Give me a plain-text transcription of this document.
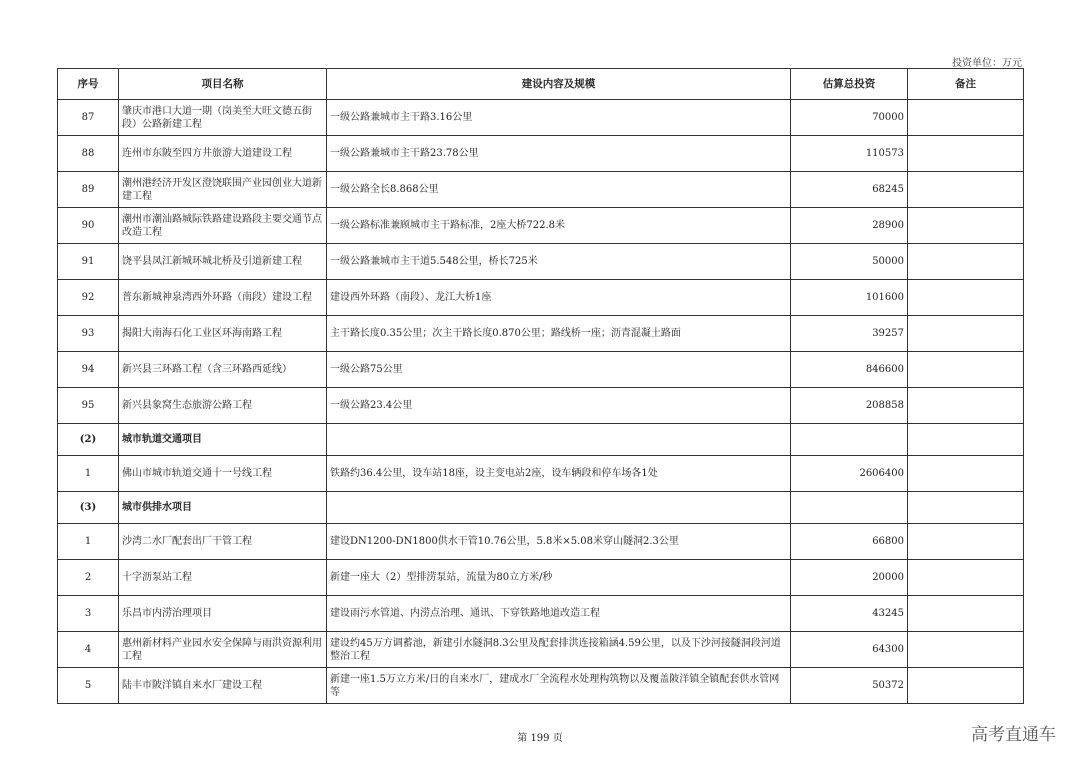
投资单位：万元
序号	项目名称	建设内容及规模	估算总投资	备注
87	肇庆市港口大道一期（岗美至大旺文德五街段）公路新建工程	一级公路兼城市主干路3.16公里	70000	
88	连州市东陂至四方井旅游大道建设工程	一级公路兼城市主干路23.78公里	110573	
89	潮州港经济开发区澄饶联围产业园创业大道新建工程	一级公路全长8.868公里	68245	
90	潮州市潮汕路城际铁路建设路段主要交通节点改造工程	一级公路标准兼顾城市主干路标准，2座大桥722.8米	28900	
91	饶平县凤江新城环城北桥及引道新建工程	一级公路兼城市主干道5.548公里，桥长725米	50000	
92	普东新城神泉湾西外环路（南段）建设工程	建设西外环路（南段）、龙江大桥1座	101600	
93	揭阳大南海石化工业区环海南路工程	主干路长度0.35公里；次主干路长度0.870公里；路线桥一座；沥青混凝土路面	39257	
94	新兴县三环路工程（含三环路西延线）	一级公路75公里	846600	
95	新兴县象窝生态旅游公路工程	一级公路23.4公里	208858	
(2)	城市轨道交通项目			
1	佛山市城市轨道交通十一号线工程	铁路约36.4公里，设车站18座，设主变电站2座，设车辆段和停车场各1处	2606400	
(3)	城市供排水项目			
1	沙湾二水厂配套出厂干管工程	建设DN1200-DN1800供水干管10.76公里，5.8米×5.08米穿山隧洞2.3公里	66800	
2	十字沥泵站工程	新建一座大（2）型排涝泵站，流量为80立方米/秒	20000	
3	乐昌市内涝治理项目	建设雨污水管道、内涝点治理、通讯、下穿铁路地道改造工程	43245	
4	惠州新材料产业园水安全保障与雨洪资源利用工程	建设约45万方调蓄池，新建引水隧洞8.3公里及配套排洪连接箱涵4.59公里，以及下沙河接隧洞段河道整治工程	64300	
5	陆丰市陂洋镇自来水厂建设工程	新建一座1.5万立方米/日的自来水厂，建成水厂全流程水处理构筑物以及覆盖陂洋镇全镇配套供水管网等	50372	
第 199 页	高考直通车
